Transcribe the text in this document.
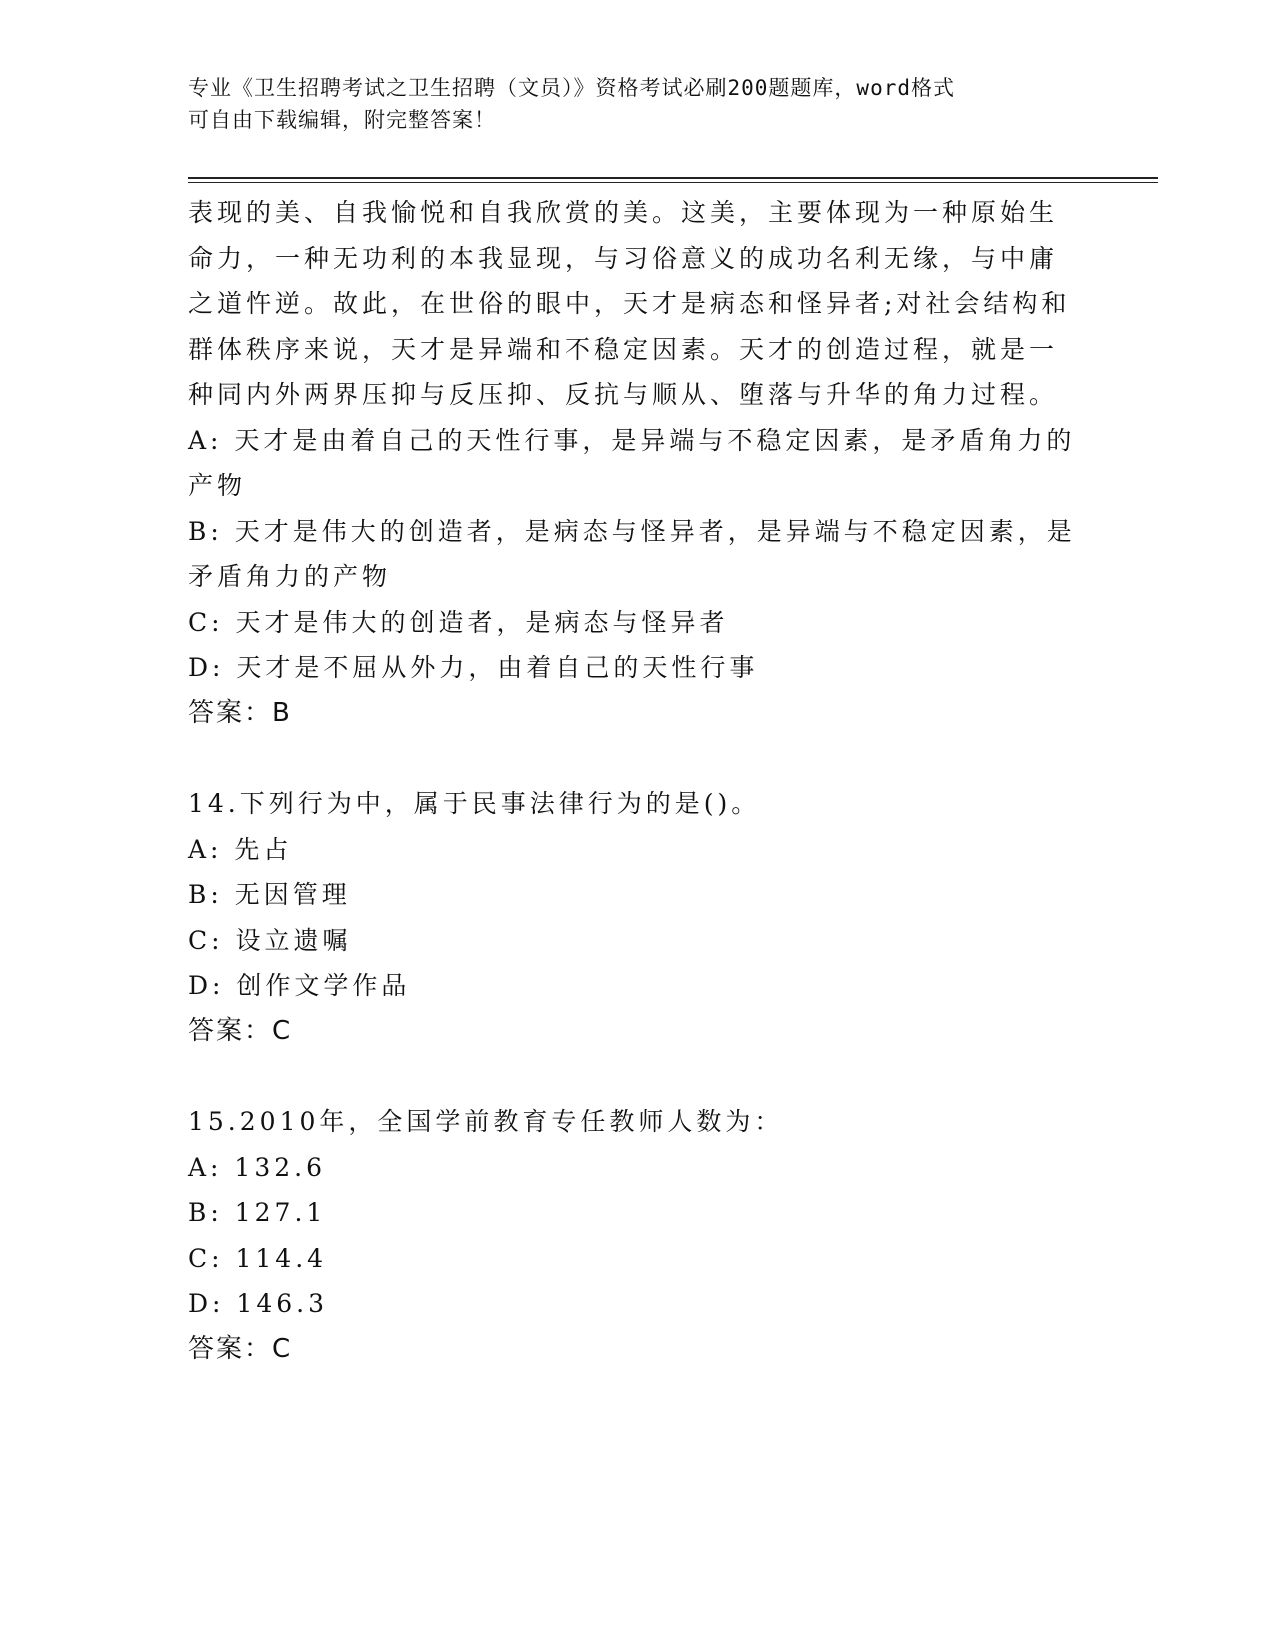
专业《卫生招聘考试之卫生招聘（文员）》资格考试必刷200题题库，word格式
可自由下载编辑，附完整答案！
表现的美、自我愉悦和自我欣赏的美。这美，主要体现为一种原始生
命力，一种无功利的本我显现，与习俗意义的成功名利无缘，与中庸
之道忤逆。故此，在世俗的眼中，天才是病态和怪异者;对社会结构和
群体秩序来说，天才是异端和不稳定因素。天才的创造过程，就是一
种同内外两界压抑与反压抑、反抗与顺从、堕落与升华的角力过程。
A: 天才是由着自己的天性行事，是异端与不稳定因素，是矛盾角力的
产物
B: 天才是伟大的创造者，是病态与怪异者，是异端与不稳定因素，是
矛盾角力的产物
C: 天才是伟大的创造者，是病态与怪异者
D: 天才是不屈从外力，由着自己的天性行事
答案：B
14.下列行为中，属于民事法律行为的是()。
A: 先占
B: 无因管理
C: 设立遗嘱
D: 创作文学作品
答案：C
15.2010年，全国学前教育专任教师人数为：
A: 132.6
B: 127.1
C: 114.4
D: 146.3
答案：C
